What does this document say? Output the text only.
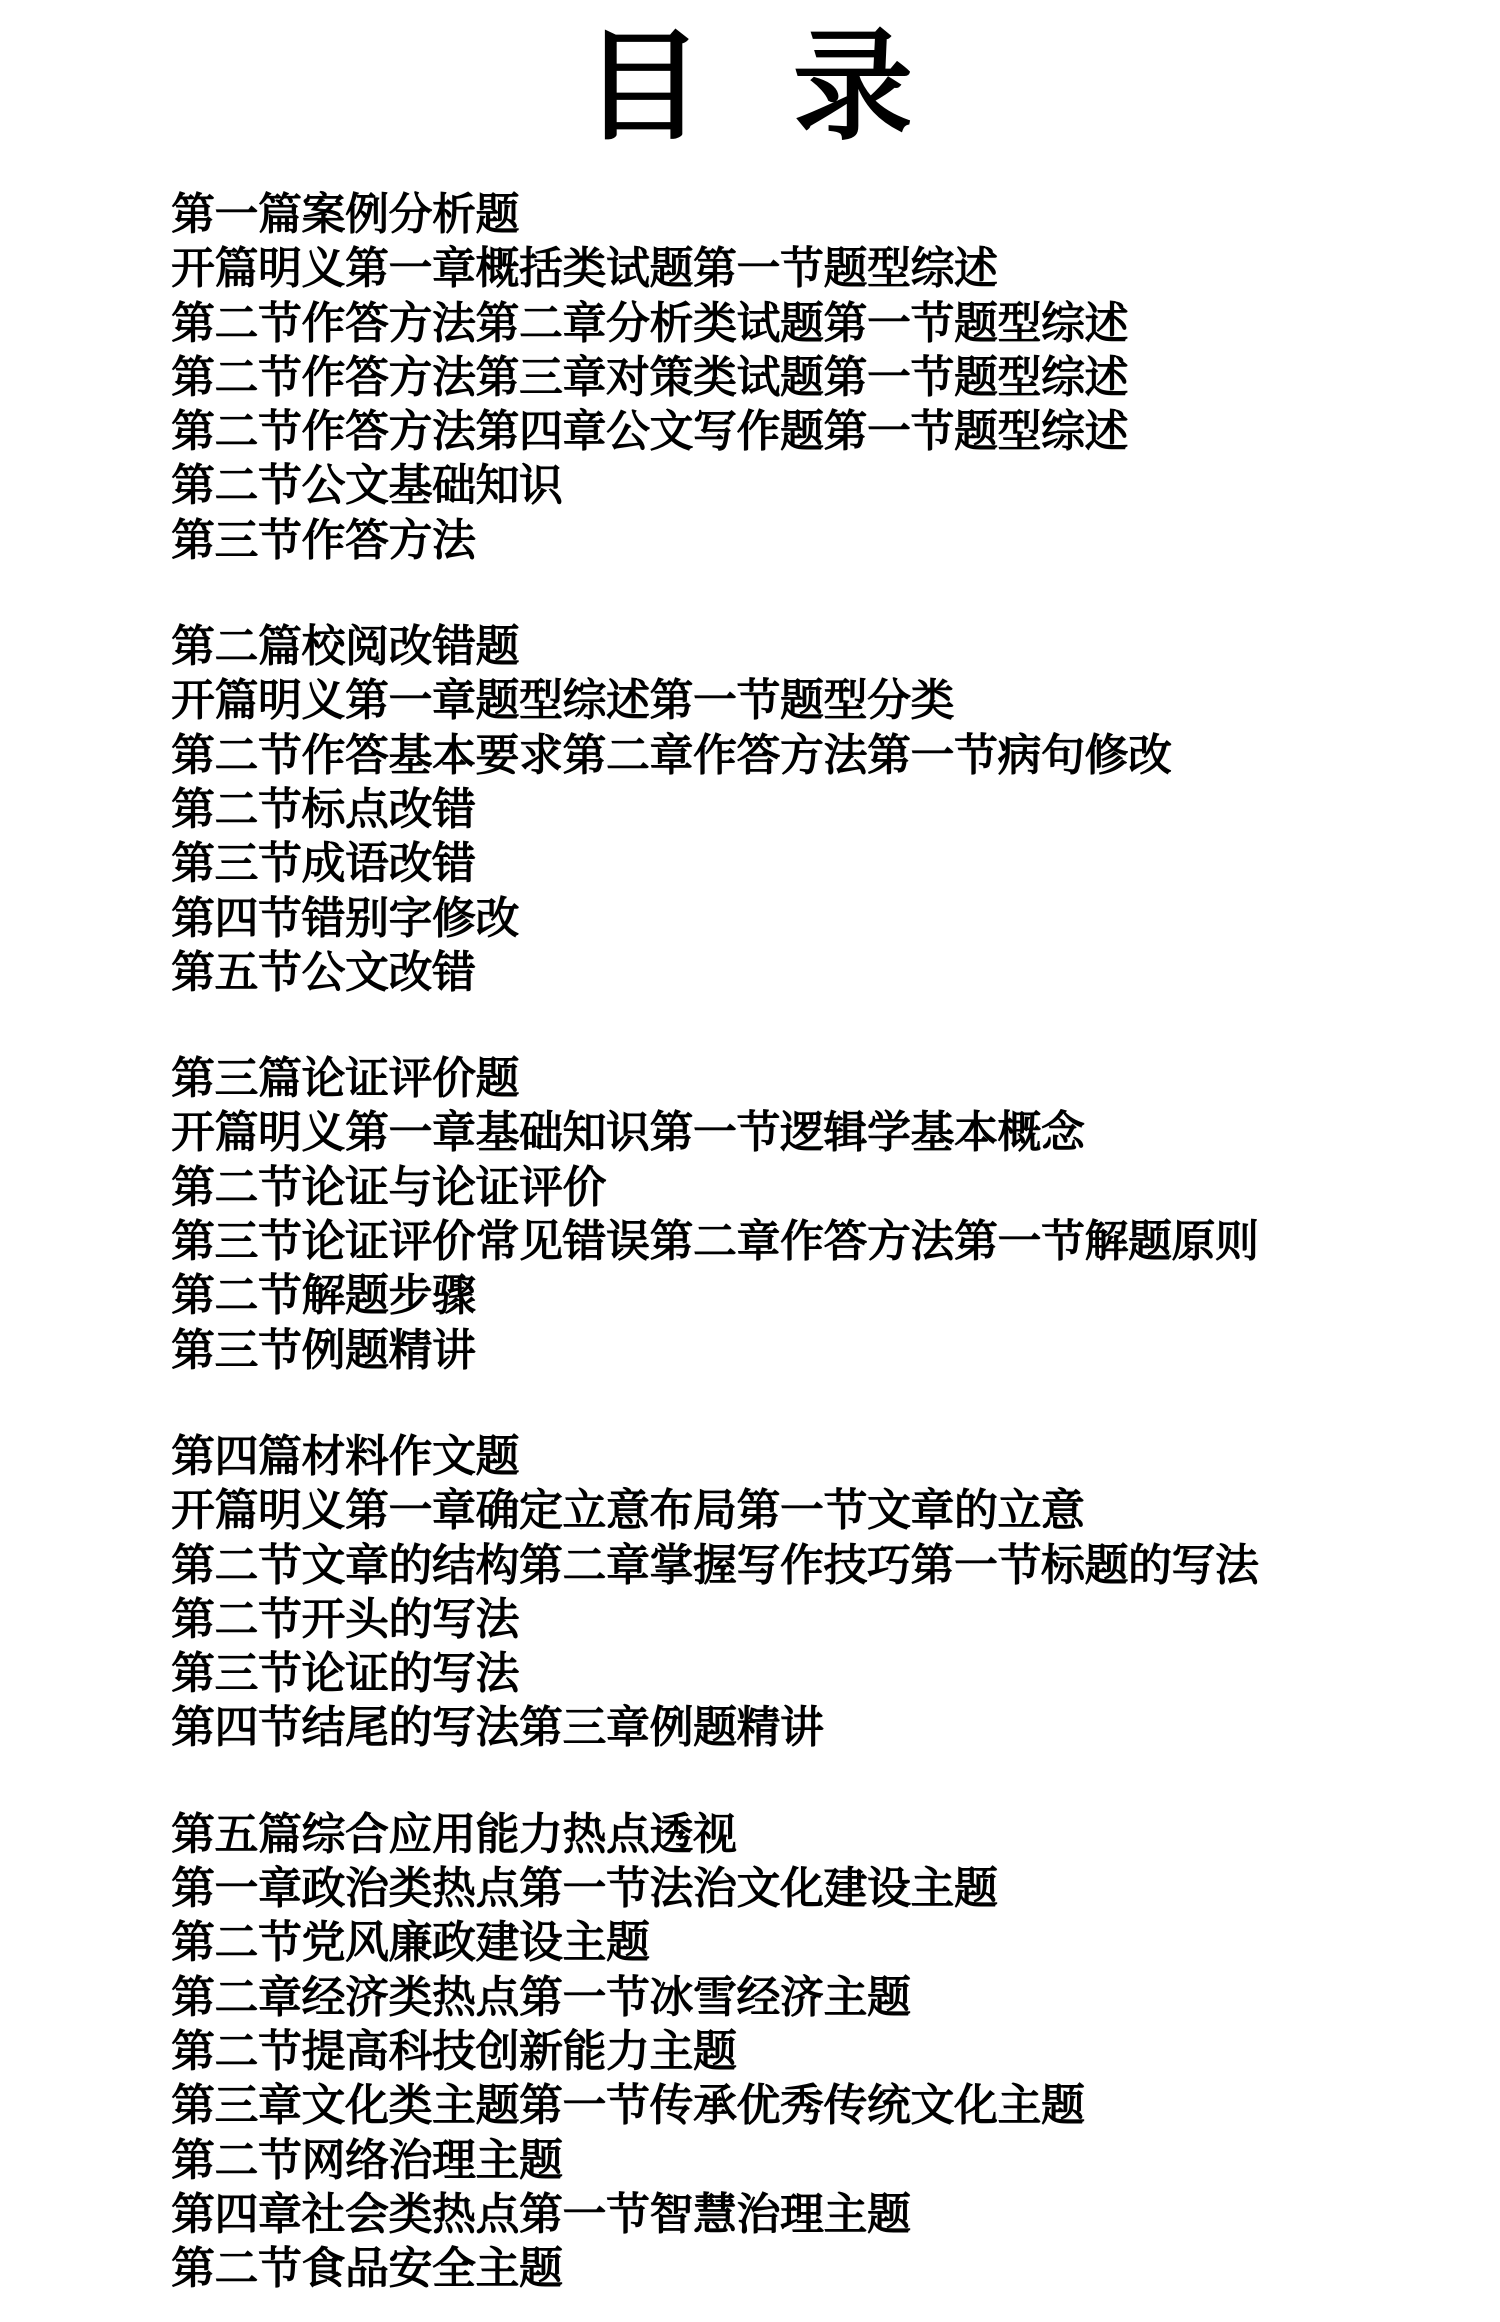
目 录
第一篇案例分析题
开篇明义第一章概括类试题第一节题型综述
第二节作答方法第二章分析类试题第一节题型综述
第二节作答方法第三章对策类试题第一节题型综述
第二节作答方法第四章公文写作题第一节题型综述
第二节公文基础知识
第三节作答方法
第二篇校阅改错题
开篇明义第一章题型综述第一节题型分类
第二节作答基本要求第二章作答方法第一节病句修改
第二节标点改错
第三节成语改错
第四节错别字修改
第五节公文改错
第三篇论证评价题
开篇明义第一章基础知识第一节逻辑学基本概念
第二节论证与论证评价
第三节论证评价常见错误第二章作答方法第一节解题原则
第二节解题步骤
第三节例题精讲
第四篇材料作文题
开篇明义第一章确定立意布局第一节文章的立意
第二节文章的结构第二章掌握写作技巧第一节标题的写法
第二节开头的写法
第三节论证的写法
第四节结尾的写法第三章例题精讲
第五篇综合应用能力热点透视
第一章政治类热点第一节法治文化建设主题
第二节党风廉政建设主题
第二章经济类热点第一节冰雪经济主题
第二节提高科技创新能力主题
第三章文化类主题第一节传承优秀传统文化主题
第二节网络治理主题
第四章社会类热点第一节智慧治理主题
第二节食品安全主题
